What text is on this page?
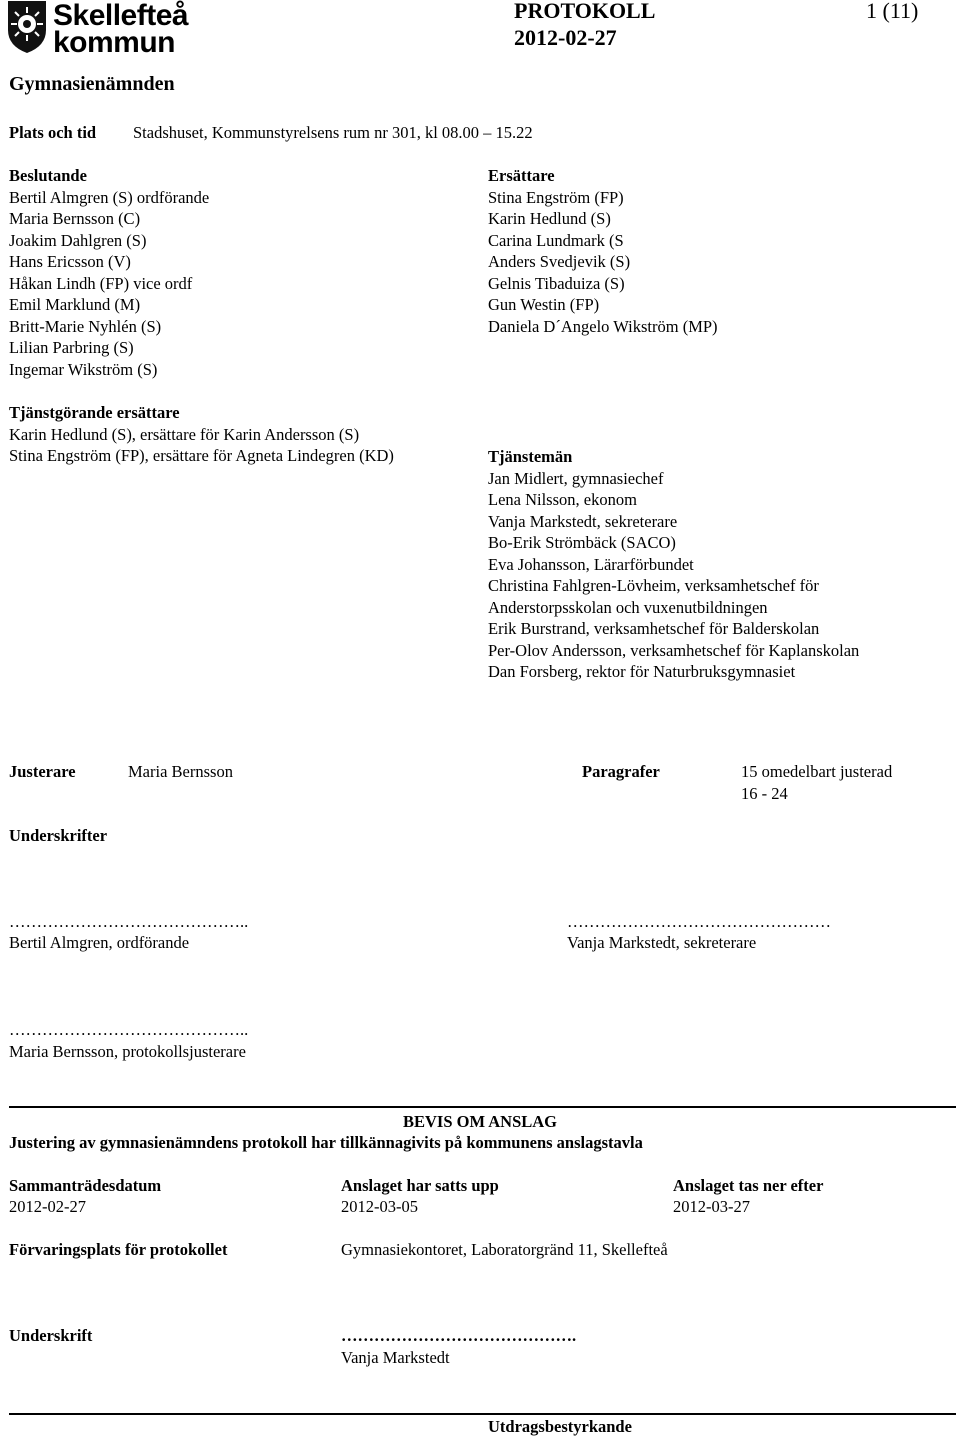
Skellefteå
kommun
PROTOKOLL	1 (11)
2012-02-27
Gymnasienämnden
Plats och tid Stadshuset, Kommunstyrelsens rum nr 301, kl 08.00 – 15.22
Beslutande
Bertil Almgren (S) ordförande
Maria Bernsson (C)
Joakim Dahlgren (S)
Hans Ericsson (V)
Håkan Lindh (FP) vice ordf
Emil Marklund (M)
Britt-Marie Nyhlén (S)
Lilian Parbring (S)
Ingemar Wikström (S)
Ersättare
Stina Engström (FP)
Karin Hedlund (S)
Carina Lundmark (S
Anders Svedjevik (S)
Gelnis Tibaduiza (S)
Gun Westin (FP)
Daniela D´Angelo Wikström (MP)
Tjänstgörande ersättare
Karin Hedlund (S), ersättare för Karin Andersson (S)
Stina Engström (FP), ersättare för Agneta Lindegren (KD)	Tjänstemän
Jan Midlert, gymnasiechef
Lena Nilsson, ekonom
Vanja Markstedt, sekreterare
Bo-Erik Strömbäck (SACO)
Eva Johansson, Lärarförbundet
Christina Fahlgren-Lövheim, verksamhetschef för
Anderstorpsskolan och vuxenutbildningen
Erik Burstrand, verksamhetschef för Balderskolan
Per-Olov Andersson, verksamhetschef för Kaplanskolan
Dan Forsberg, rektor för Naturbruksgymnasiet
Justerare	Maria Bernsson	Paragrafer	15 omedelbart justerad
16 - 24
Underskrifter
……………………………………..
Bertil Almgren, ordförande
…………………………………………
Vanja Markstedt, sekreterare
……………………………………..
Maria Bernsson, protokollsjusterare
BEVIS OM ANSLAG
Justering av gymnasienämndens protokoll har tillkännagivits på kommunens anslagstavla
Sammanträdesdatum
2012-02-27
Anslaget har satts upp
2012-03-05
Anslaget tas ner efter
2012-03-27
Förvaringsplats för protokollet	Gymnasiekontoret, Laboratorgränd 11, Skellefteå
Underskrift	…………………………………….
Vanja Markstedt
Utdragsbestyrkande
